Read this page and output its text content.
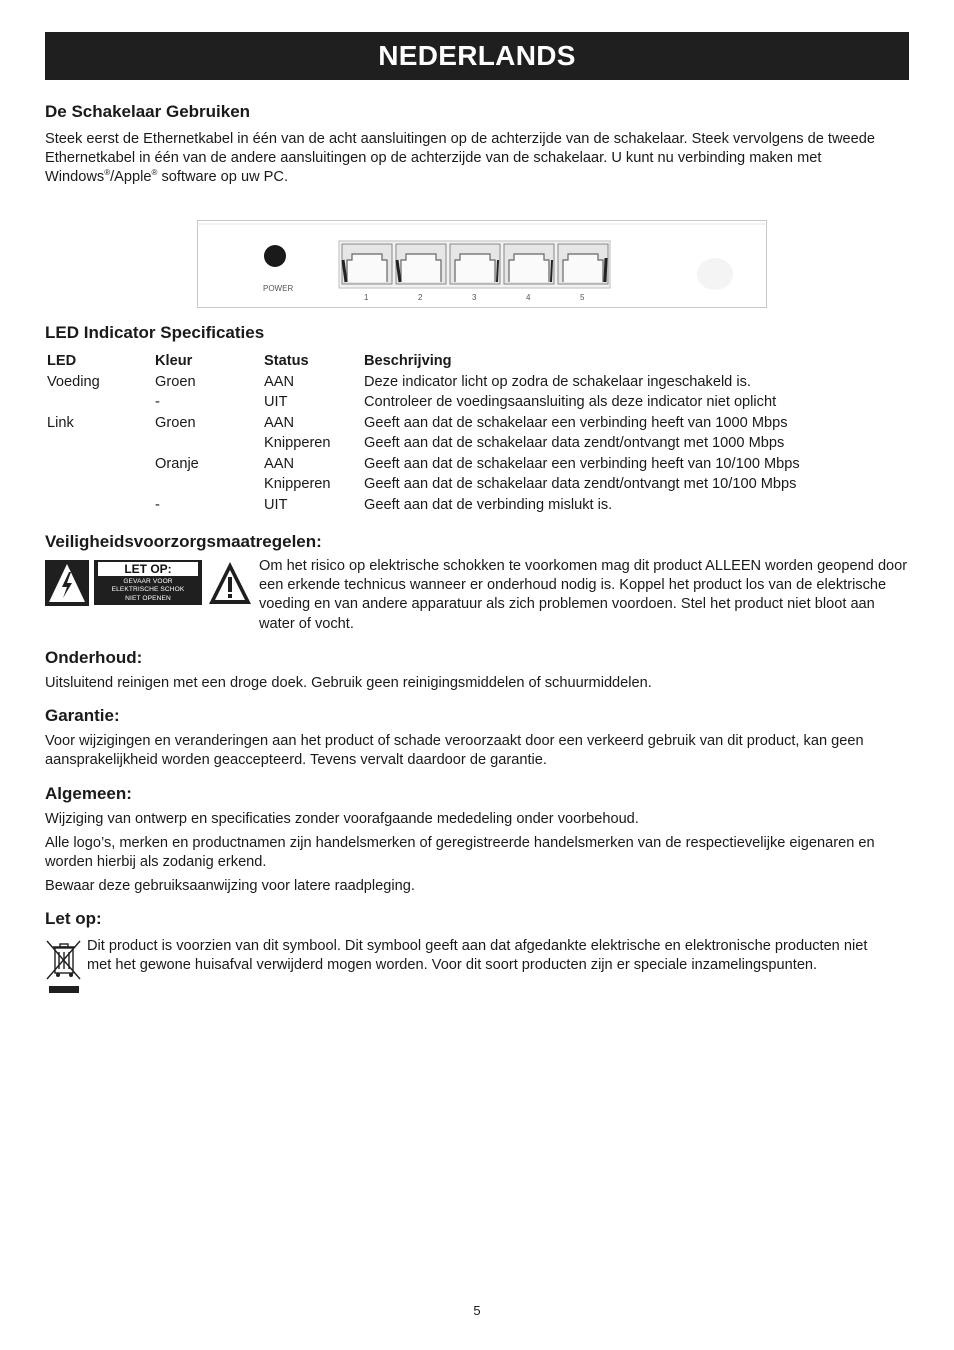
NEDERLANDS
De Schakelaar Gebruiken

Steek eerst de Ethernetkabel in één van de acht aansluitingen op de achterzijde van de schakelaar. Steek vervolgens de tweede Ethernetkabel in één van de andere aansluitingen op de achterzijde van de schakelaar. U kunt nu verbinding maken met Windows®/Apple® software op uw PC.

POWER
1	2	3	4	5
LED Indicator Specificaties
LED	Kleur	Status	Beschrijving
Voeding	Groen	AAN	Deze indicator licht op zodra de schakelaar ingeschakeld is.
	-	UIT	Controleer de voedingsaansluiting als deze indicator niet oplicht
Link	Groen	AAN	Geeft aan dat de schakelaar een verbinding heeft van 1000 Mbps
		Knipperen	Geeft aan dat de schakelaar data zendt/ontvangt met 1000 Mbps
	Oranje	AAN	Geeft aan dat de schakelaar een verbinding heeft van 10/100 Mbps
		Knipperen	Geeft aan dat de schakelaar data zendt/ontvangt met 10/100 Mbps
	-	UIT	Geeft aan dat de verbinding mislukt is.
Veiligheidsvoorzorgsmaatregelen:
LET OP:
GEVAAR VOOR
ELEKTRISCHE SCHOK
NIET OPENEN

Om het risico op elektrische schokken te voorkomen mag dit product ALLEEN worden geopend door een erkende technicus wanneer er onderhoud nodig is. Koppel het product los van de elektrische voeding en van andere apparatuur als zich problemen voordoen. Stel het product niet bloot aan water of vocht.

Onderhoud:

Uitsluitend reinigen met een droge doek. Gebruik geen reinigingsmiddelen of schuurmiddelen.

Garantie:

Voor wijzigingen en veranderingen aan het product of schade veroorzaakt door een verkeerd gebruik van dit product, kan geen aansprakelijkheid worden geaccepteerd. Tevens vervalt daardoor de garantie.

Algemeen:

Wijziging van ontwerp en specificaties zonder voorafgaande mededeling onder voorbehoud.

Alle logo’s, merken en productnamen zijn handelsmerken of geregistreerde handelsmerken van de respectievelijke eigenaren en worden hierbij als zodanig erkend.

Bewaar deze gebruiksaanwijzing voor latere raadpleging.

Let op:

Dit product is voorzien van dit symbool. Dit symbool geeft aan dat afgedankte elektrische en elektronische producten niet met het gewone huisafval verwijderd mogen worden. Voor dit soort producten zijn er speciale inzamelingspunten.

5
